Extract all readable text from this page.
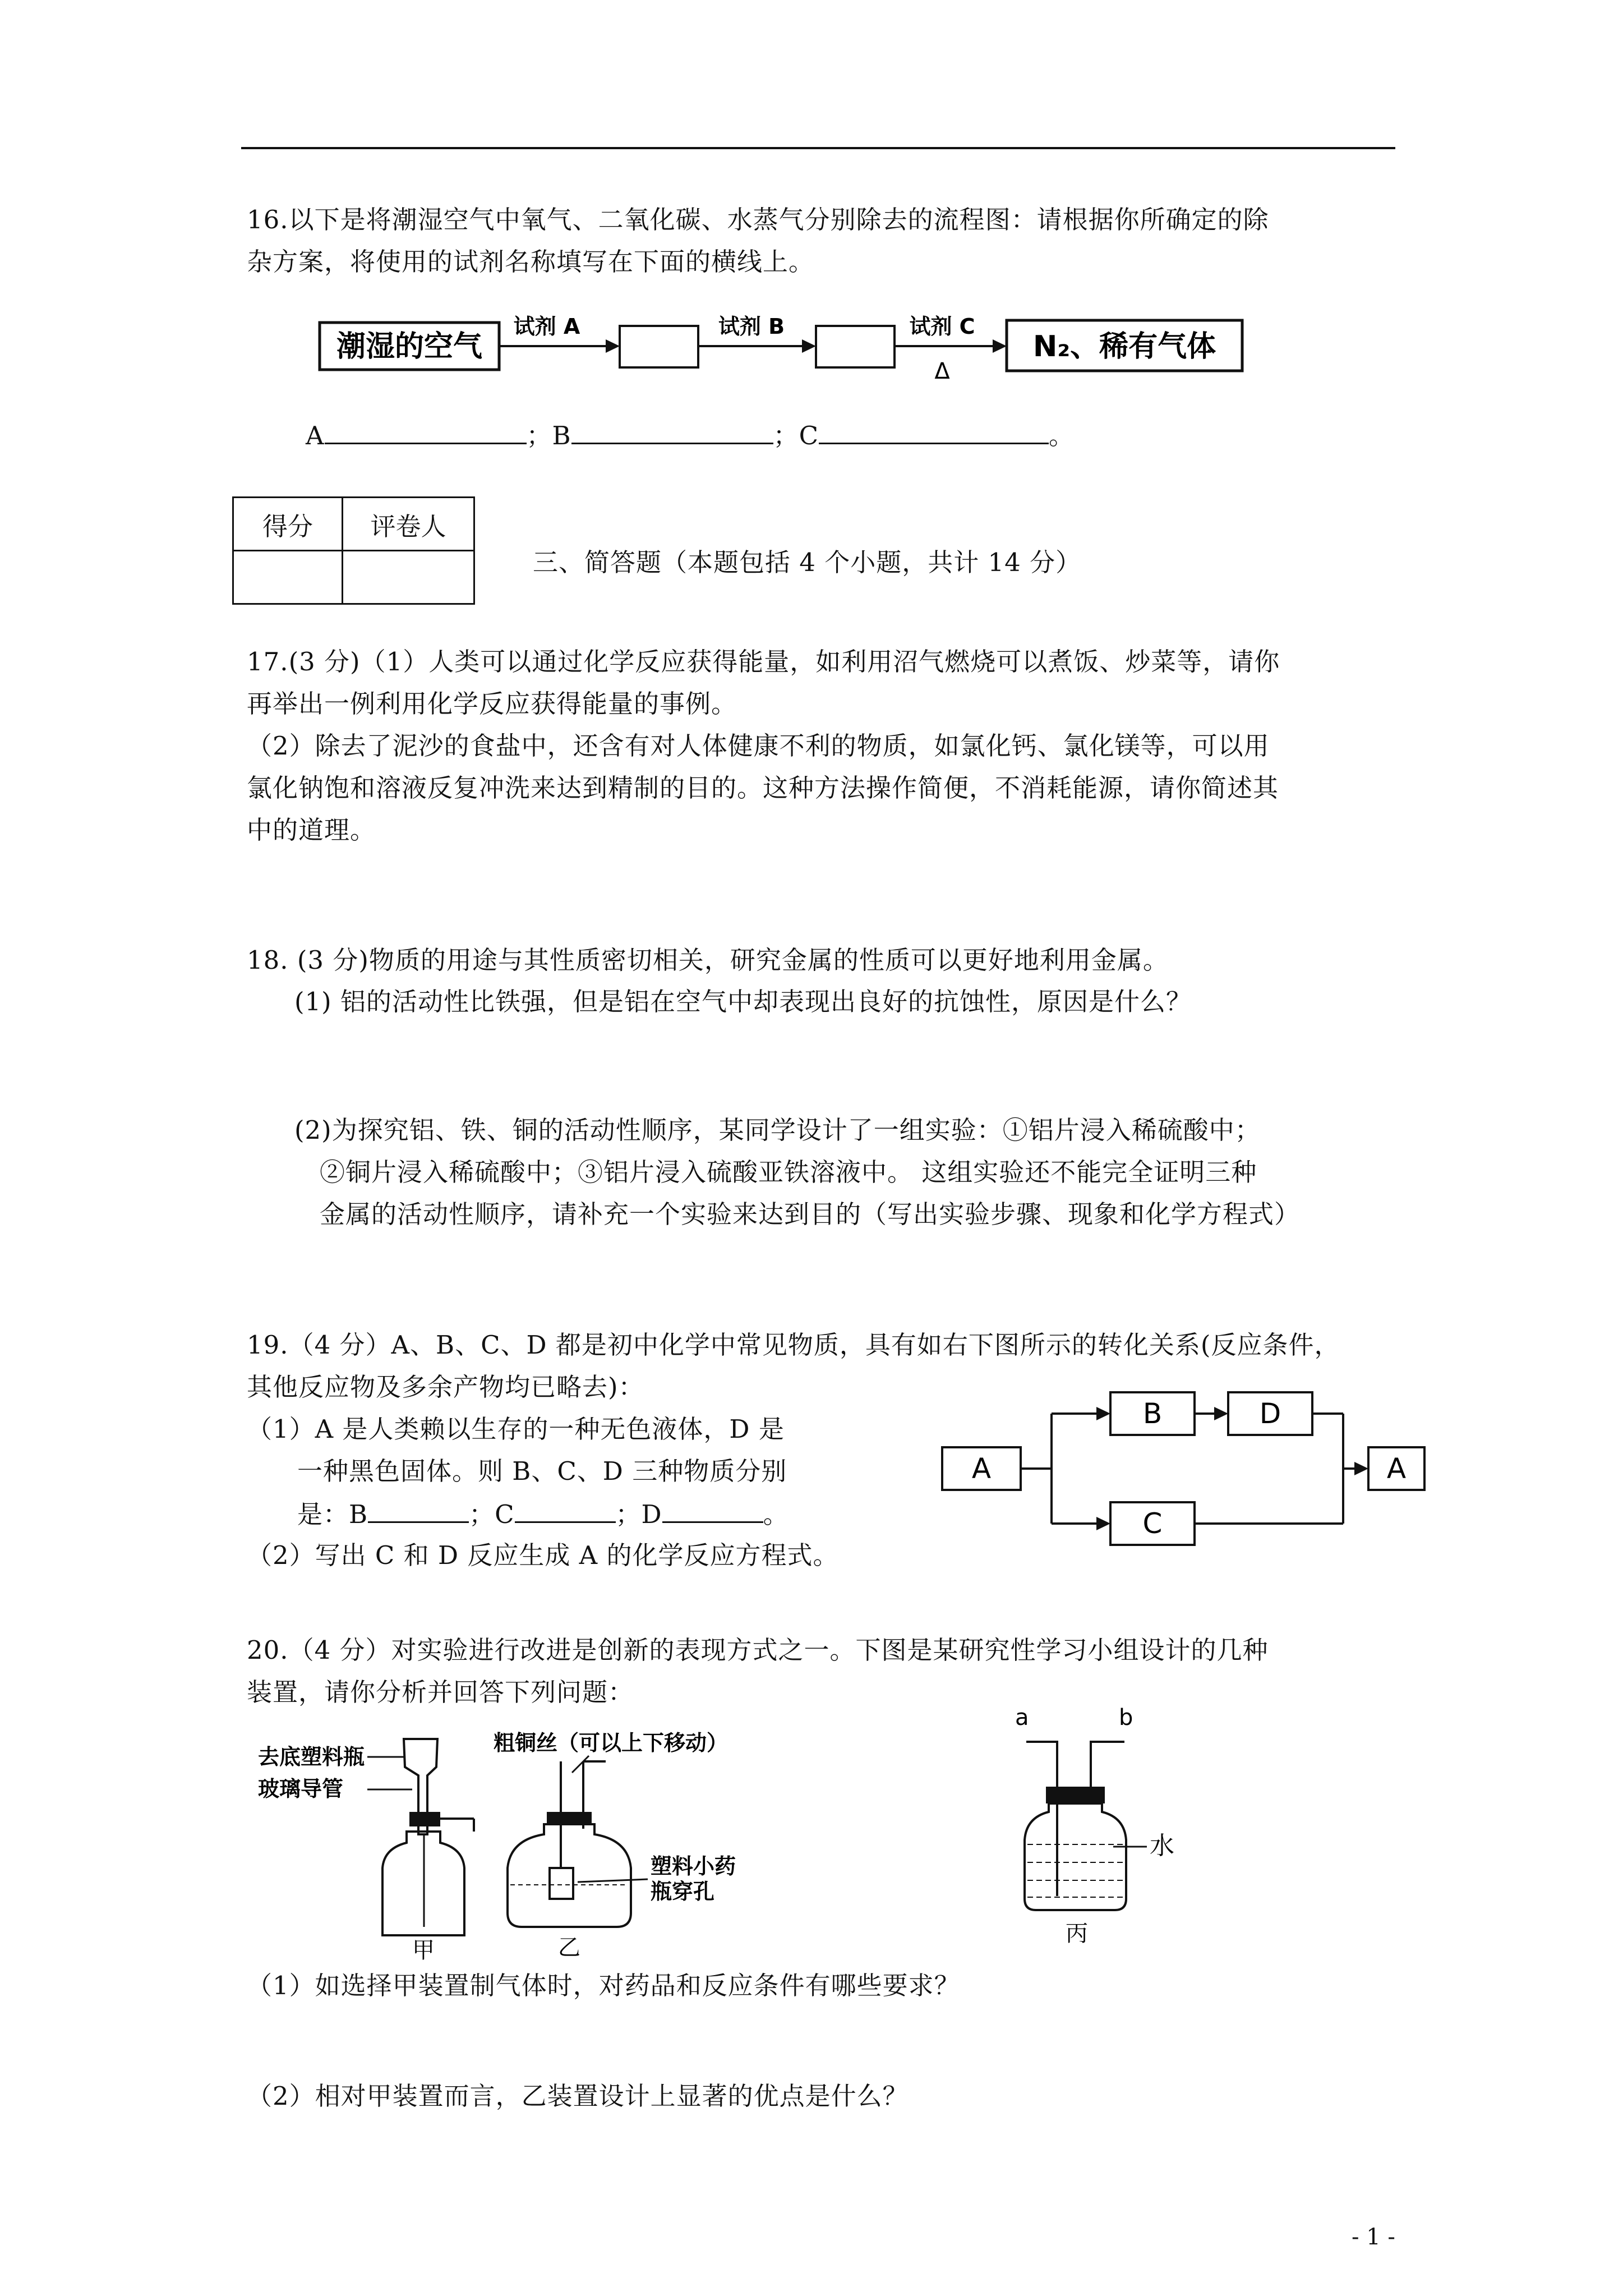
16.以下是将潮湿空气中氧气、二氧化碳、水蒸气分别除去的流程图：请根据你所确定的除
杂方案，将使用的试剂名称填写在下面的横线上。
潮湿的空气
试剂 A	试剂 B	试剂 C
Δ
N₂、稀有气体
A	；B	；C	。
得分	评卷人

三、简答题（本题包括 4 个小题，共计 14 分）
17.(3 分)（1）人类可以通过化学反应获得能量，如利用沼气燃烧可以煮饭、炒菜等，请你
再举出一例利用化学反应获得能量的事例。
（2）除去了泥沙的食盐中，还含有对人体健康不利的物质，如氯化钙、氯化镁等，可以用
氯化钠饱和溶液反复冲洗来达到精制的目的。这种方法操作简便，不消耗能源，请你简述其
中的道理。
18. (3 分)物质的用途与其性质密切相关，研究金属的性质可以更好地利用金属。
(1) 铝的活动性比铁强，但是铝在空气中却表现出良好的抗蚀性，原因是什么？
(2)为探究铝、铁、铜的活动性顺序，某同学设计了一组实验：①铝片浸入稀硫酸中；
②铜片浸入稀硫酸中；③铝片浸入硫酸亚铁溶液中。 这组实验还不能完全证明三种
金属的活动性顺序，请补充一个实验来达到目的（写出实验步骤、现象和化学方程式）
19.（4 分）A、B、C、D 都是初中化学中常见物质，具有如右下图所示的转化关系(反应条件，
其他反应物及多余产物均已略去)：
（1）A 是人类赖以生存的一种无色液体，D 是
一种黑色固体。则 B、C、D 三种物质分别
是：B	；C	；D	。
（2）写出 C 和 D 反应生成 A 的化学反应方程式。
A
B	D
C
A
20.（4 分）对实验进行改进是创新的表现方式之一。下图是某研究性学习小组设计的几种
装置，请你分析并回答下列问题：
去底塑料瓶
玻璃导管
甲
粗铜丝（可以上下移动）
塑料小药
瓶穿孔
乙
a	b
水
丙
（1）如选择甲装置制气体时，对药品和反应条件有哪些要求？
（2）相对甲装置而言，乙装置设计上显著的优点是什么？
- 1 -
